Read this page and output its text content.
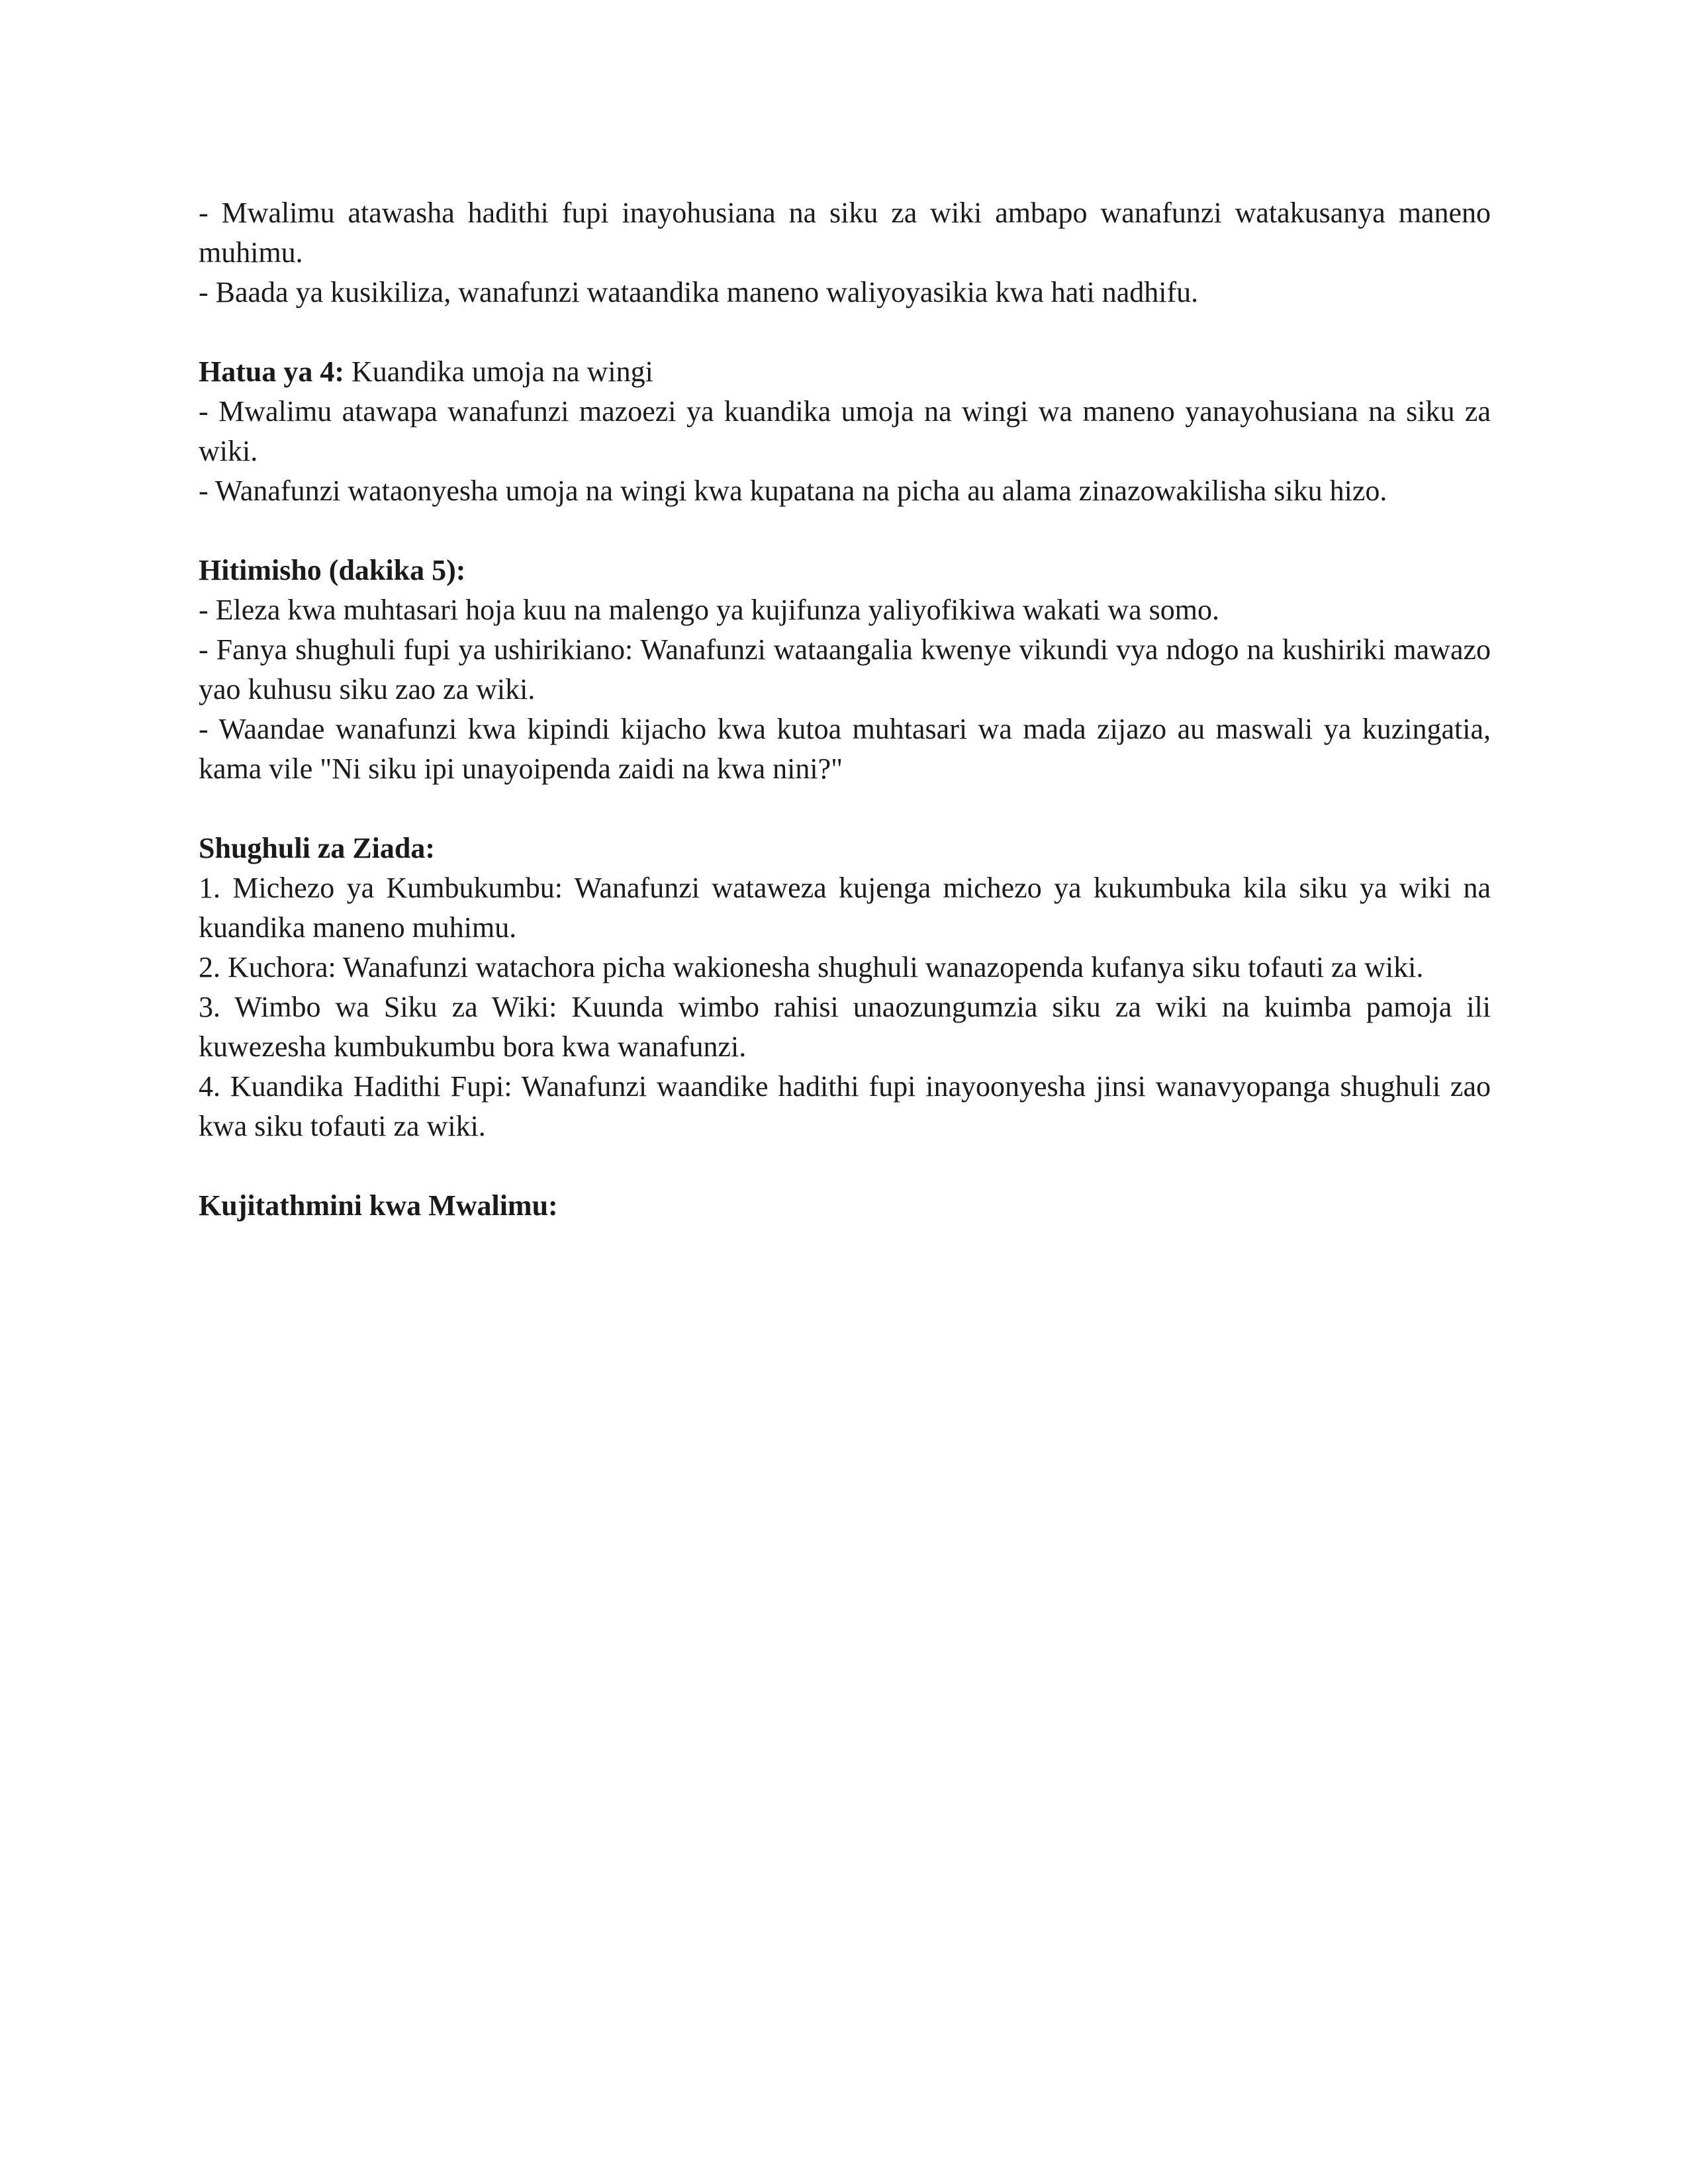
- Mwalimu atawasha hadithi fupi inayohusiana na siku za wiki ambapo wanafunzi watakusanya maneno muhimu.

- Baada ya kusikiliza, wanafunzi wataandika maneno waliyoyasikia kwa hati nadhifu.

Hatua ya 4: Kuandika umoja na wingi

- Mwalimu atawapa wanafunzi mazoezi ya kuandika umoja na wingi wa maneno yanayohusiana na siku za wiki.

- Wanafunzi wataonyesha umoja na wingi kwa kupatana na picha au alama zinazowakilisha siku hizo.

Hitimisho (dakika 5):

- Eleza kwa muhtasari hoja kuu na malengo ya kujifunza yaliyofikiwa wakati wa somo.

- Fanya shughuli fupi ya ushirikiano: Wanafunzi wataangalia kwenye vikundi vya ndogo na kushiriki mawazo yao kuhusu siku zao za wiki.

- Waandae wanafunzi kwa kipindi kijacho kwa kutoa muhtasari wa mada zijazo au maswali ya kuzingatia, kama vile "Ni siku ipi unayoipenda zaidi na kwa nini?"

Shughuli za Ziada:

1. Michezo ya Kumbukumbu: Wanafunzi wataweza kujenga michezo ya kukumbuka kila siku ya wiki na kuandika maneno muhimu.

2. Kuchora: Wanafunzi watachora picha wakionesha shughuli wanazopenda kufanya siku tofauti za wiki.

3. Wimbo wa Siku za Wiki: Kuunda wimbo rahisi unaozungumzia siku za wiki na kuimba pamoja ili kuwezesha kumbukumbu bora kwa wanafunzi.

4. Kuandika Hadithi Fupi: Wanafunzi waandike hadithi fupi inayoonyesha jinsi wanavyopanga shughuli zao kwa siku tofauti za wiki.

Kujitathmini kwa Mwalimu:
